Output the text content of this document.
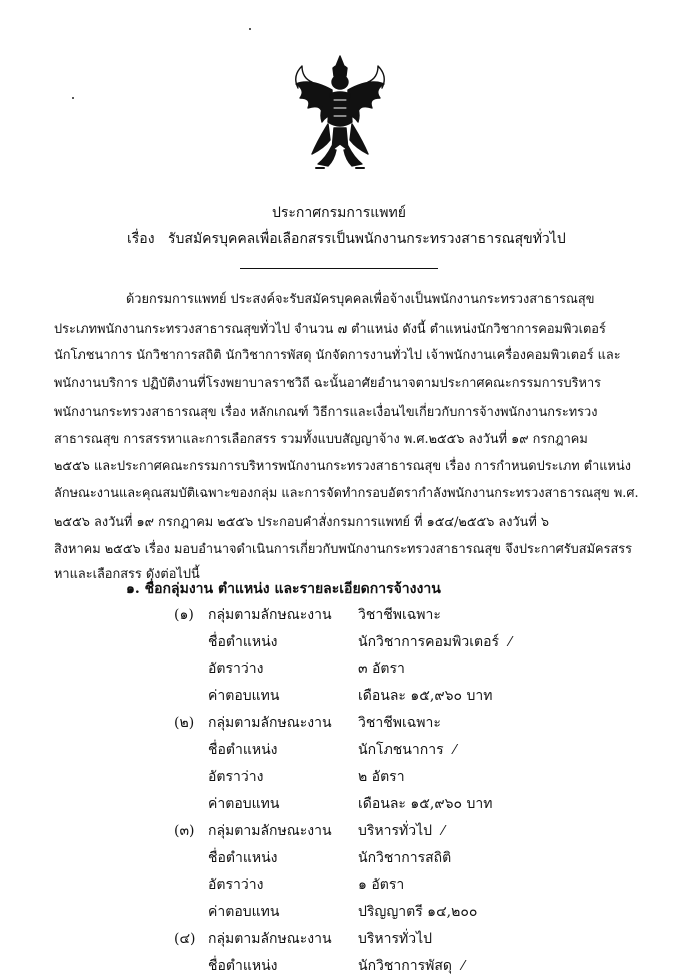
ประกาศกรมการแพทย์
เรื่อง รับสมัครบุคคลเพื่อเลือกสรรเป็นพนักงานกระทรวงสาธารณสุขทั่วไป
ด้วยกรมการแพทย์ ประสงค์จะรับสมัครบุคคลเพื่อจ้างเป็นพนักงานกระทรวงสาธารณสุข
ประเภทพนักงานกระทรวงสาธารณสุขทั่วไป จำนวน ๗ ตำแหน่ง ดังนี้ ตำแหน่งนักวิชาการคอมพิวเตอร์
นักโภชนาการ นักวิชาการสถิติ นักวิชาการพัสดุ นักจัดการงานทั่วไป เจ้าพนักงานเครื่องคอมพิวเตอร์ และ
พนักงานบริการ ปฏิบัติงานที่โรงพยาบาลราชวิถี ฉะนั้นอาศัยอำนาจตามประกาศคณะกรรมการบริหาร
พนักงานกระทรวงสาธารณสุข เรื่อง หลักเกณฑ์ วิธีการและเงื่อนไขเกี่ยวกับการจ้างพนักงานกระทรวง
สาธารณสุข การสรรหาและการเลือกสรร รวมทั้งแบบสัญญาจ้าง พ.ศ.๒๕๕๖ ลงวันที่ ๑๙ กรกฎาคม
๒๕๕๖ และประกาศคณะกรรมการบริหารพนักงานกระทรวงสาธารณสุข เรื่อง การกำหนดประเภท ตำแหน่ง
ลักษณะงานและคุณสมบัติเฉพาะของกลุ่ม และการจัดทำกรอบอัตรากำลังพนักงานกระทรวงสาธารณสุข พ.ศ.
๒๕๕๖ ลงวันที่ ๑๙ กรกฎาคม ๒๕๕๖ ประกอบคำสั่งกรมการแพทย์ ที่ ๑๕๔/๒๕๕๖ ลงวันที่ ๖
สิงหาคม ๒๕๕๖ เรื่อง มอบอำนาจดำเนินการเกี่ยวกับพนักงานกระทรวงสาธารณสุข จึงประกาศรับสมัครสรร
หาและเลือกสรร ดังต่อไปนี้
๑. ชื่อกลุ่มงาน ตำแหน่ง และรายละเอียดการจ้างงาน
(๑) กลุ่มตามลักษณะงาน วิชาชีพเฉพาะ
ชื่อตำแหน่ง	นักวิชาการคอมพิวเตอร์ ⁄
อัตราว่าง	๓ อัตรา
ค่าตอบแทน	เดือนละ ๑๕,๙๖๐ บาท
(๒) กลุ่มตามลักษณะงาน วิชาชีพเฉพาะ
ชื่อตำแหน่ง	นักโภชนาการ ⁄
อัตราว่าง	๒ อัตรา
ค่าตอบแทน	เดือนละ ๑๕,๙๖๐ บาท
(๓) กลุ่มตามลักษณะงาน บริหารทั่วไป ⁄
ชื่อตำแหน่ง	นักวิชาการสถิติ
อัตราว่าง	๑ อัตรา
ค่าตอบแทน	ปริญญาตรี ๑๔,๒๐๐
(๔) กลุ่มตามลักษณะงาน บริหารทั่วไป
ชื่อตำแหน่ง	นักวิชาการพัสดุ ⁄
